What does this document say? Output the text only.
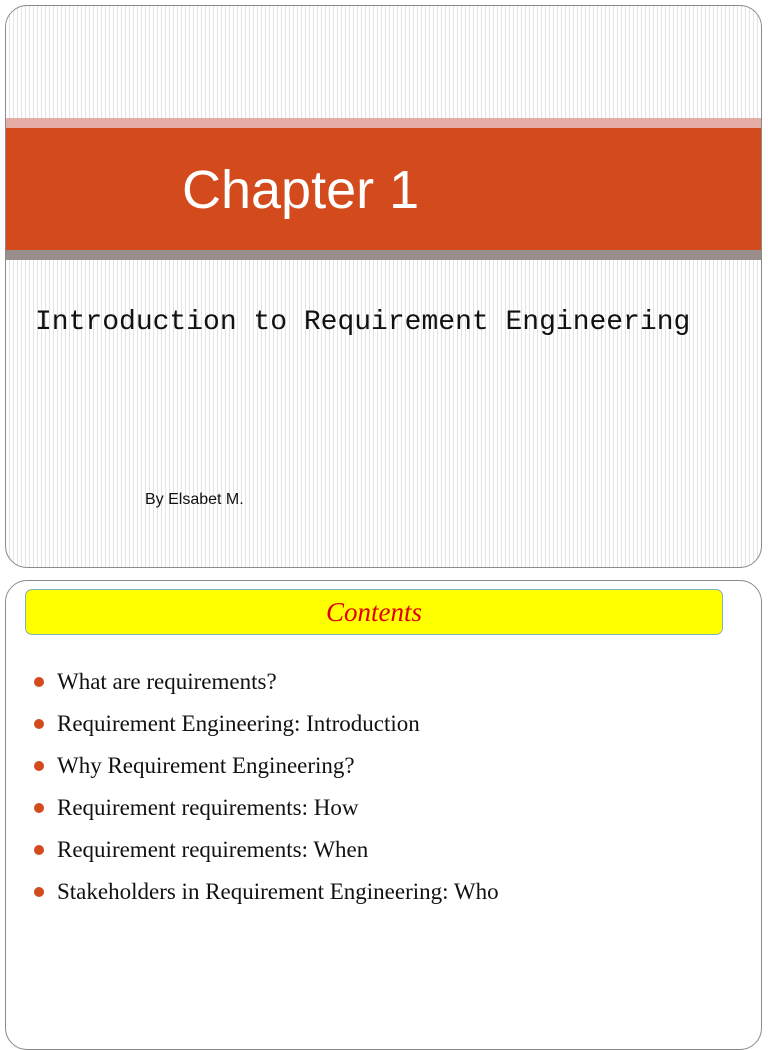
Chapter 1

Introduction to Requirement Engineering

By Elsabet M.

Contents
What are requirements?
Requirement Engineering: Introduction
Why Requirement Engineering?
Requirement requirements: How
Requirement requirements: When
Stakeholders in Requirement Engineering: Who
